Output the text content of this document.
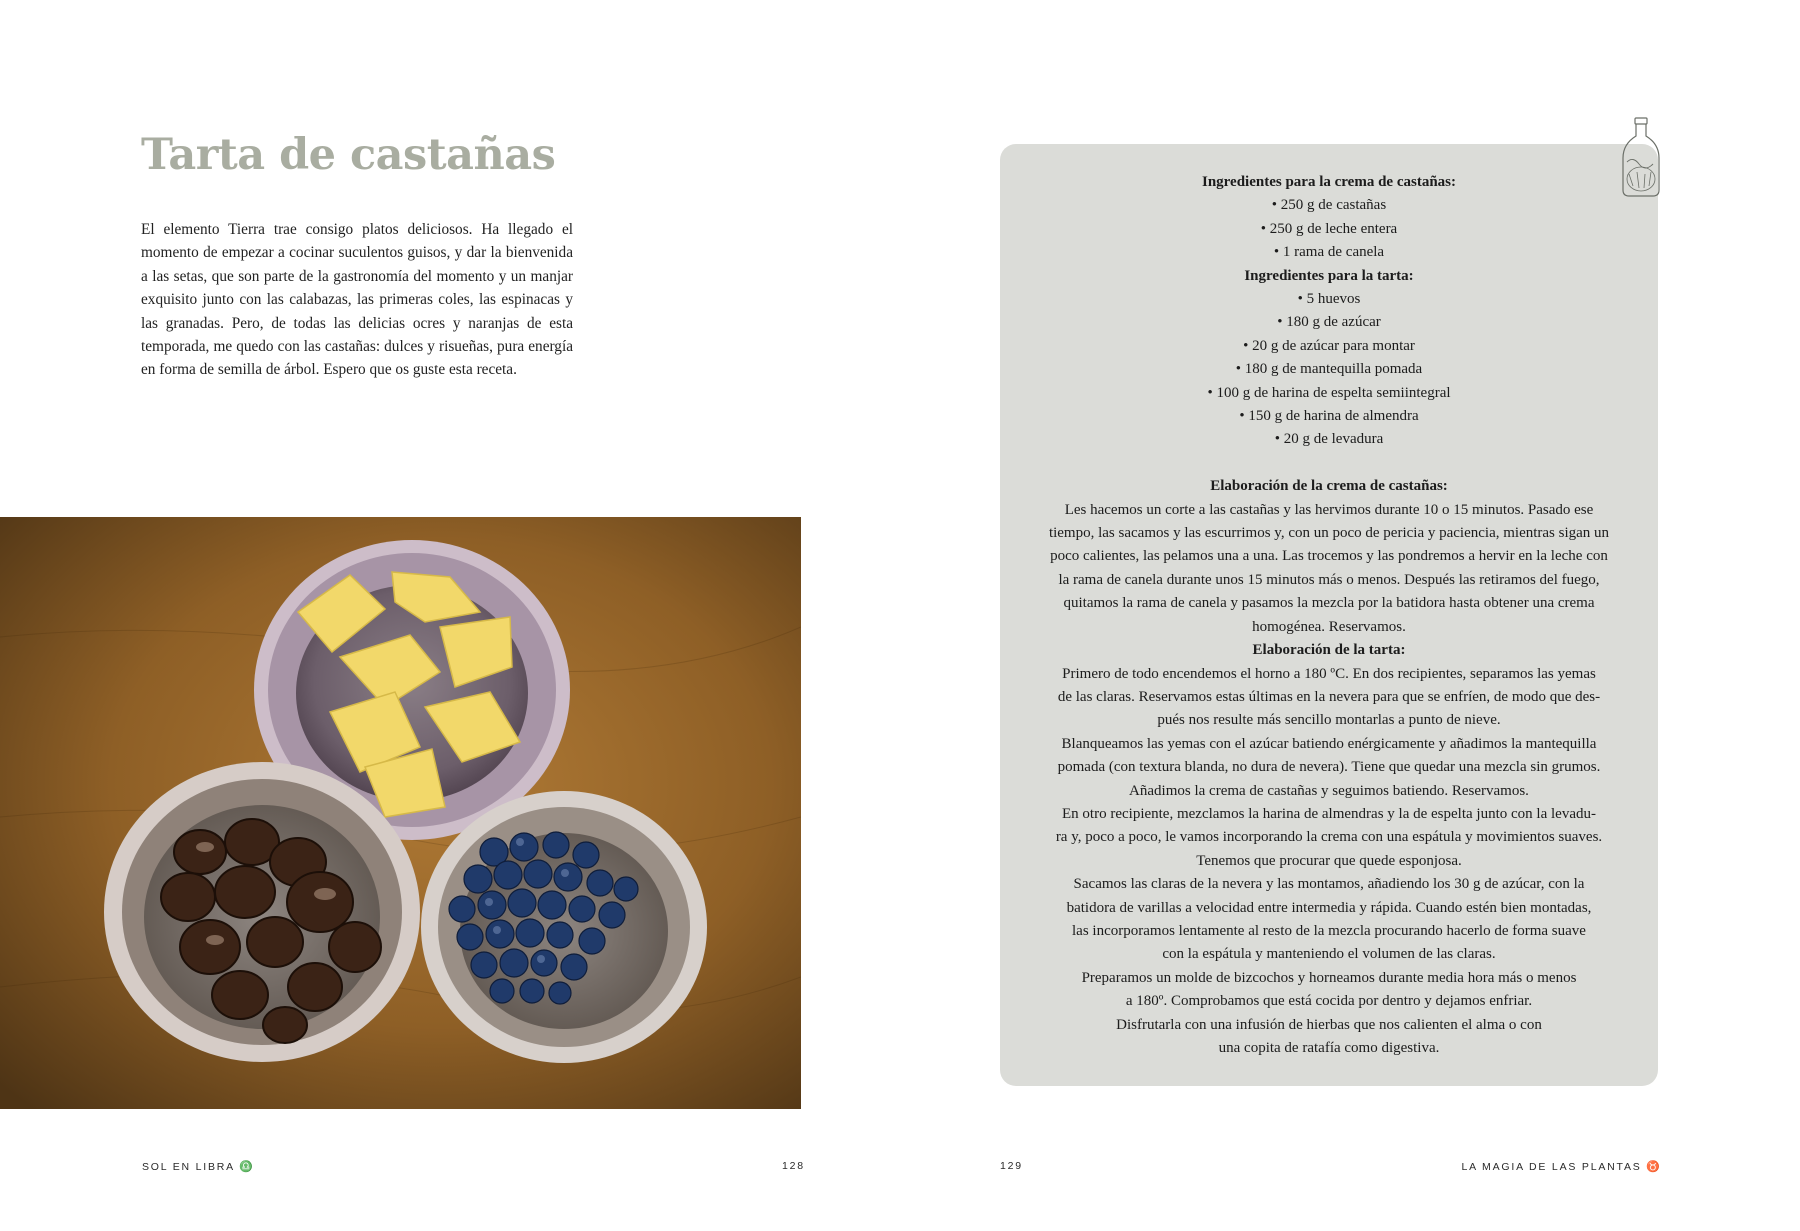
Tarta de castañas

El elemento Tierra trae consigo platos deliciosos. Ha llegado el momento de empezar a cocinar suculentos guisos, y dar la bienvenida a las setas, que son parte de la gastronomía del momento y un manjar exquisito junto con las calabazas, las primeras coles, las espinacas y las granadas. Pero, de todas las delicias ocres y naranjas de esta temporada, me quedo con las castañas: dulces y risueñas, pura energía en forma de semilla de árbol. Espero que os guste esta receta.

Ingredientes para la crema de castañas:
• 250 g de castañas
• 250 g de leche entera
• 1 rama de canela
Ingredientes para la tarta:
• 5 huevos
• 180 g de azúcar
• 20 g de azúcar para montar
• 180 g de mantequilla pomada
• 100 g de harina de espelta semiintegral
• 150 g de harina de almendra
• 20 g de levadura
Elaboración de la crema de castañas:
Les hacemos un corte a las castañas y las hervimos durante 10 o 15 minutos. Pasado ese
tiempo, las sacamos y las escurrimos y, con un poco de pericia y paciencia, mientras sigan un
poco calientes, las pelamos una a una. Las trocemos y las pondremos a hervir en la leche con
la rama de canela durante unos 15 minutos más o menos. Después las retiramos del fuego,
quitamos la rama de canela y pasamos la mezcla por la batidora hasta obtener una crema
homogénea. Reservamos.
Elaboración de la tarta:
Primero de todo encendemos el horno a 180 ºC. En dos recipientes, separamos las yemas
de las claras. Reservamos estas últimas en la nevera para que se enfríen, de modo que des-
pués nos resulte más sencillo montarlas a punto de nieve.
Blanqueamos las yemas con el azúcar batiendo enérgicamente y añadimos la mantequilla
pomada (con textura blanda, no dura de nevera). Tiene que quedar una mezcla sin grumos.
Añadimos la crema de castañas y seguimos batiendo. Reservamos.
En otro recipiente, mezclamos la harina de almendras y la de espelta junto con la levadu-
ra y, poco a poco, le vamos incorporando la crema con una espátula y movimientos suaves.
Tenemos que procurar que quede esponjosa.
Sacamos las claras de la nevera y las montamos, añadiendo los 30 g de azúcar, con la
batidora de varillas a velocidad entre intermedia y rápida. Cuando estén bien montadas,
las incorporamos lentamente al resto de la mezcla procurando hacerlo de forma suave
con la espátula y manteniendo el volumen de las claras.
Preparamos un molde de bizcochos y horneamos durante media hora más o menos
a 180º. Comprobamos que está cocida por dentro y dejamos enfriar.
Disfrutarla con una infusión de hierbas que nos calienten el alma o con
una copita de ratafía como digestiva.
SOL EN LIBRA ♎	128	129	LA MAGIA DE LAS PLANTAS ♉
